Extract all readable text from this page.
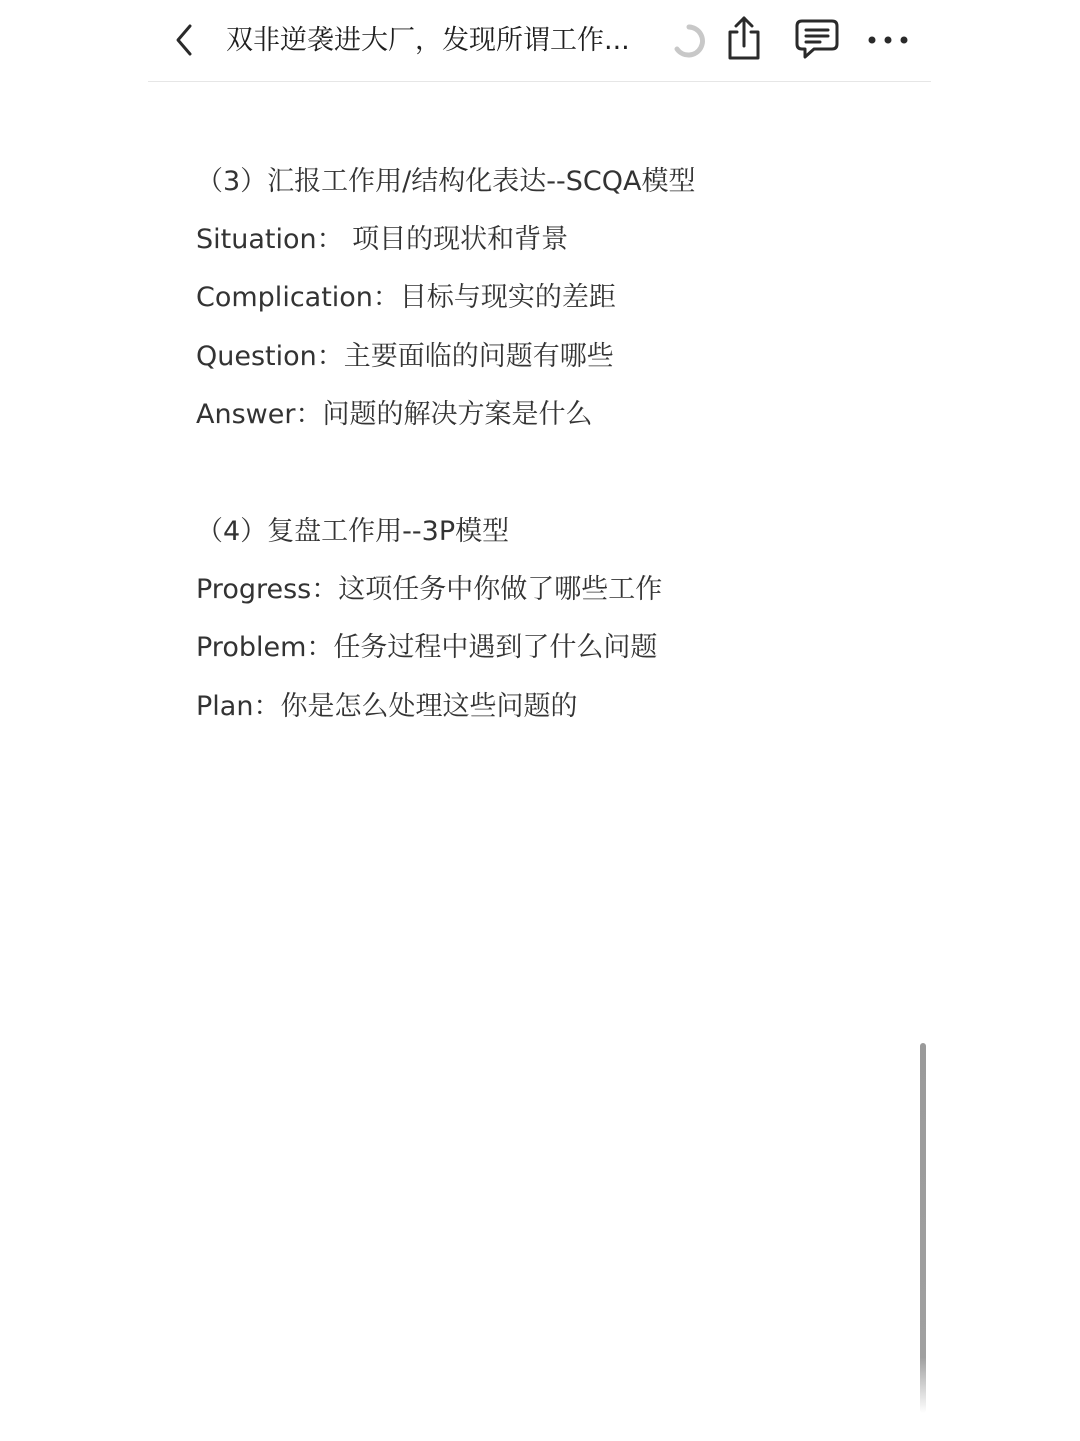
双非逆袭进大厂，发现所谓工作...
（3）汇报工作用/结构化表达--SCQA模型
Situation： 项目的现状和背景
Complication：目标与现实的差距
Question：主要面临的问题有哪些
Answer：问题的解决方案是什么
（4）复盘工作用--3P模型
Progress：这项任务中你做了哪些工作
Problem：任务过程中遇到了什么问题
Plan：你是怎么处理这些问题的
